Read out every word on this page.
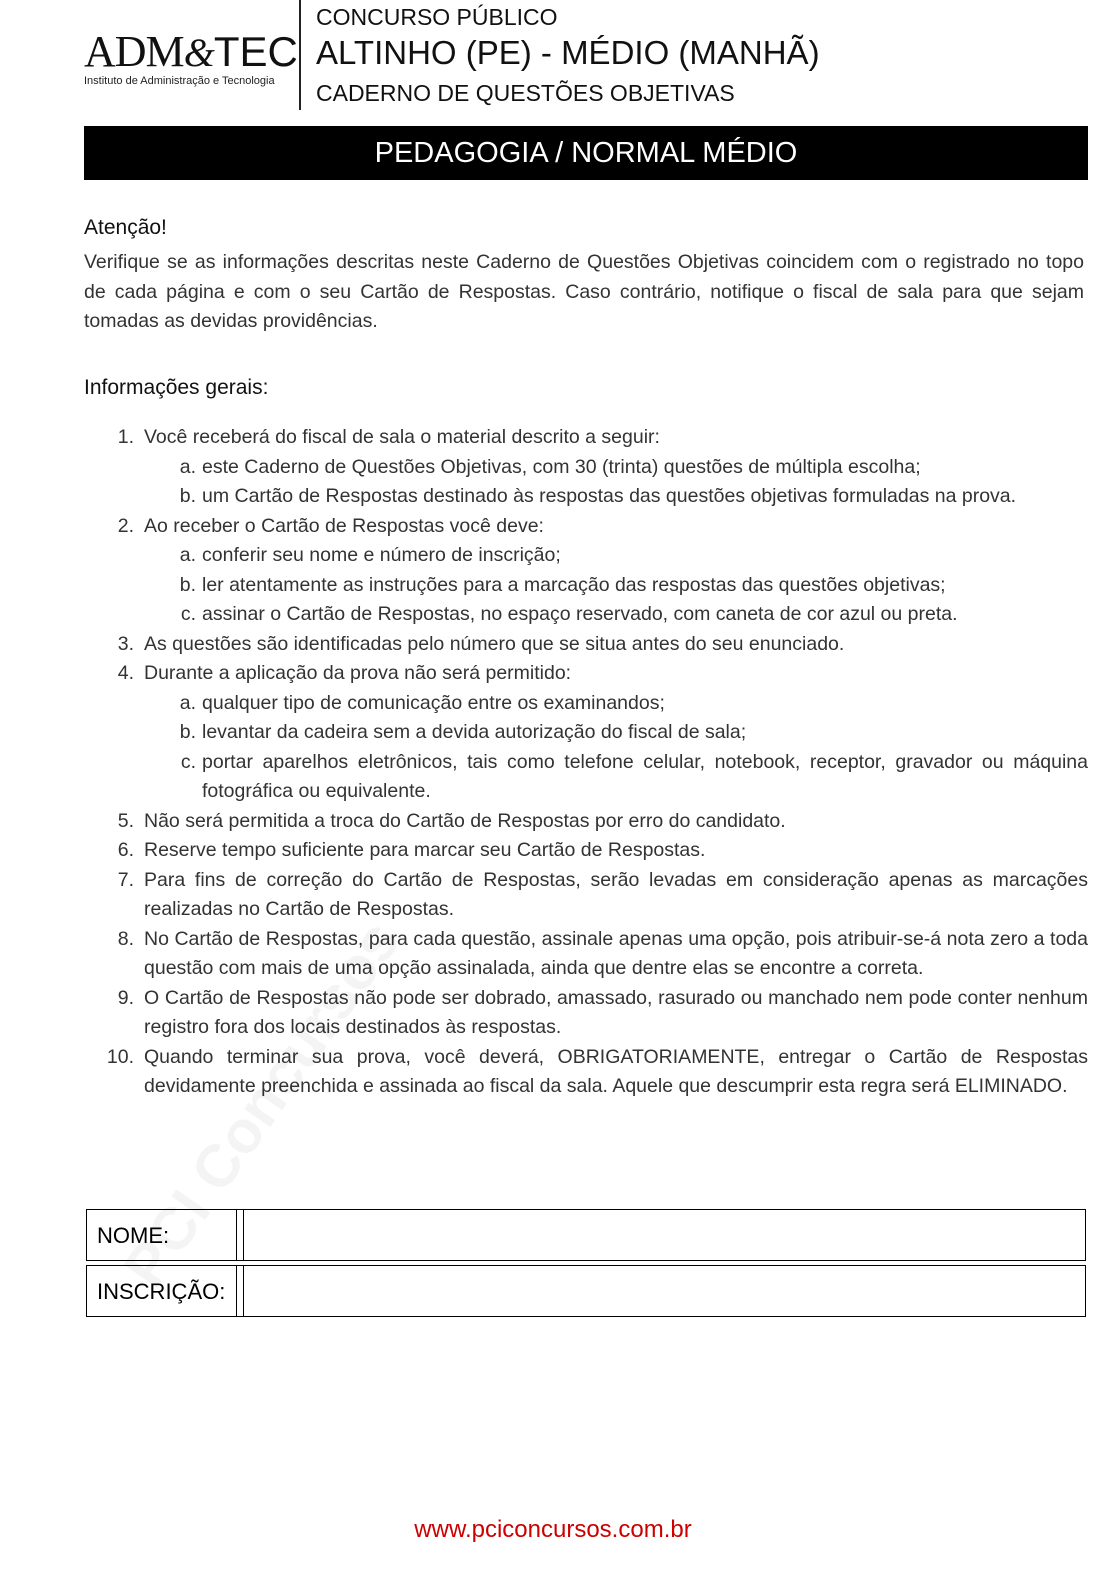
ADM&TEC
Instituto de Administração e Tecnologia
CONCURSO PÚBLICO
ALTINHO (PE) - MÉDIO (MANHÃ)
CADERNO DE QUESTÕES OBJETIVAS
PEDAGOGIA / NORMAL MÉDIO
Atenção!
Verifique se as informações descritas neste Caderno de Questões Objetivas coincidem com o registrado no topo de cada página e com o seu Cartão de Respostas. Caso contrário, notifique o fiscal de sala para que sejam tomadas as devidas providências.
Informações gerais:
1. Você receberá do fiscal de sala o material descrito a seguir:
a. este Caderno de Questões Objetivas, com 30 (trinta) questões de múltipla escolha;
b. um Cartão de Respostas destinado às respostas das questões objetivas formuladas na prova.
2. Ao receber o Cartão de Respostas você deve:
a. conferir seu nome e número de inscrição;
b. ler atentamente as instruções para a marcação das respostas das questões objetivas;
c. assinar o Cartão de Respostas, no espaço reservado, com caneta de cor azul ou preta.
3. As questões são identificadas pelo número que se situa antes do seu enunciado.
4. Durante a aplicação da prova não será permitido:
a. qualquer tipo de comunicação entre os examinandos;
b. levantar da cadeira sem a devida autorização do fiscal de sala;
c. portar aparelhos eletrônicos, tais como telefone celular, notebook, receptor, gravador ou máquina fotográfica ou equivalente.
5. Não será permitida a troca do Cartão de Respostas por erro do candidato.
6. Reserve tempo suficiente para marcar seu Cartão de Respostas.
7. Para fins de correção do Cartão de Respostas, serão levadas em consideração apenas as marcações realizadas no Cartão de Respostas.
8. No Cartão de Respostas, para cada questão, assinale apenas uma opção, pois atribuir-se-á nota zero a toda questão com mais de uma opção assinalada, ainda que dentre elas se encontre a correta.
9. O Cartão de Respostas não pode ser dobrado, amassado, rasurado ou manchado nem pode conter nenhum registro fora dos locais destinados às respostas.
10. Quando terminar sua prova, você deverá, OBRIGATORIAMENTE, entregar o Cartão de Respostas devidamente preenchida e assinada ao fiscal da sala. Aquele que descumprir esta regra será ELIMINADO.
NOME:
INSCRIÇÃO:
www.pciconcursos.com.br
